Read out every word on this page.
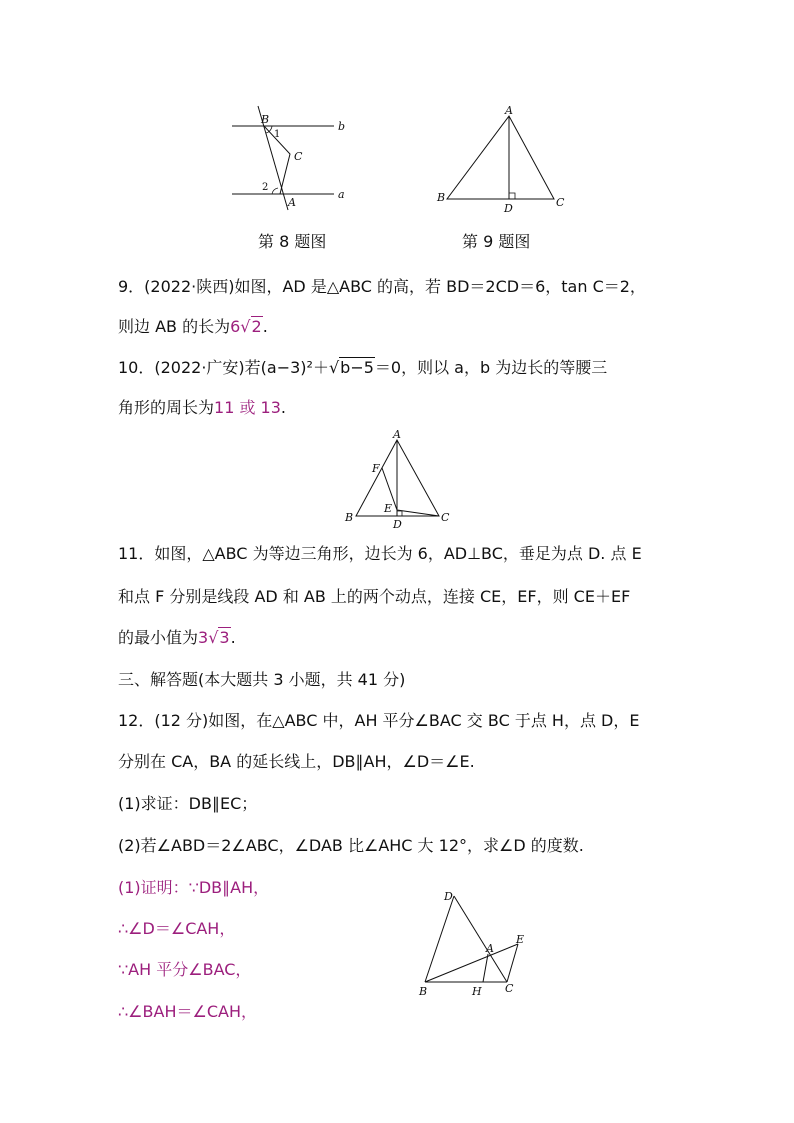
B
1
C
2
A
b
a
A
B	C
D
第 8 题图	第 9 题图
9．(2022·陕西)如图，AD 是△ABC 的高，若 BD＝2CD＝6，tan C＝2，
则边 AB 的长为6√2.
10．(2022·广安)若(a−3)²＋√b−5＝0，则以 a，b 为边长的等腰三
角形的周长为11 或 13.
A
F
E
B
D
C
11．如图，△ABC 为等边三角形，边长为 6，AD⊥BC，垂足为点 D. 点 E
和点 F 分别是线段 AD 和 AB 上的两个动点，连接 CE，EF，则 CE＋EF
的最小值为3√3.
三、解答题(本大题共 3 小题，共 41 分)
12．(12 分)如图，在△ABC 中，AH 平分∠BAC 交 BC 于点 H，点 D，E
分别在 CA，BA 的延长线上，DB∥AH，∠D＝∠E.
(1)求证：DB∥EC；
(2)若∠ABD＝2∠ABC，∠DAB 比∠AHC 大 12°，求∠D 的度数.
(1)证明：∵DB∥AH，
∴∠D＝∠CAH，
∵AH 平分∠BAC，
∴∠BAH＝∠CAH，
D
E
A
B	H C
